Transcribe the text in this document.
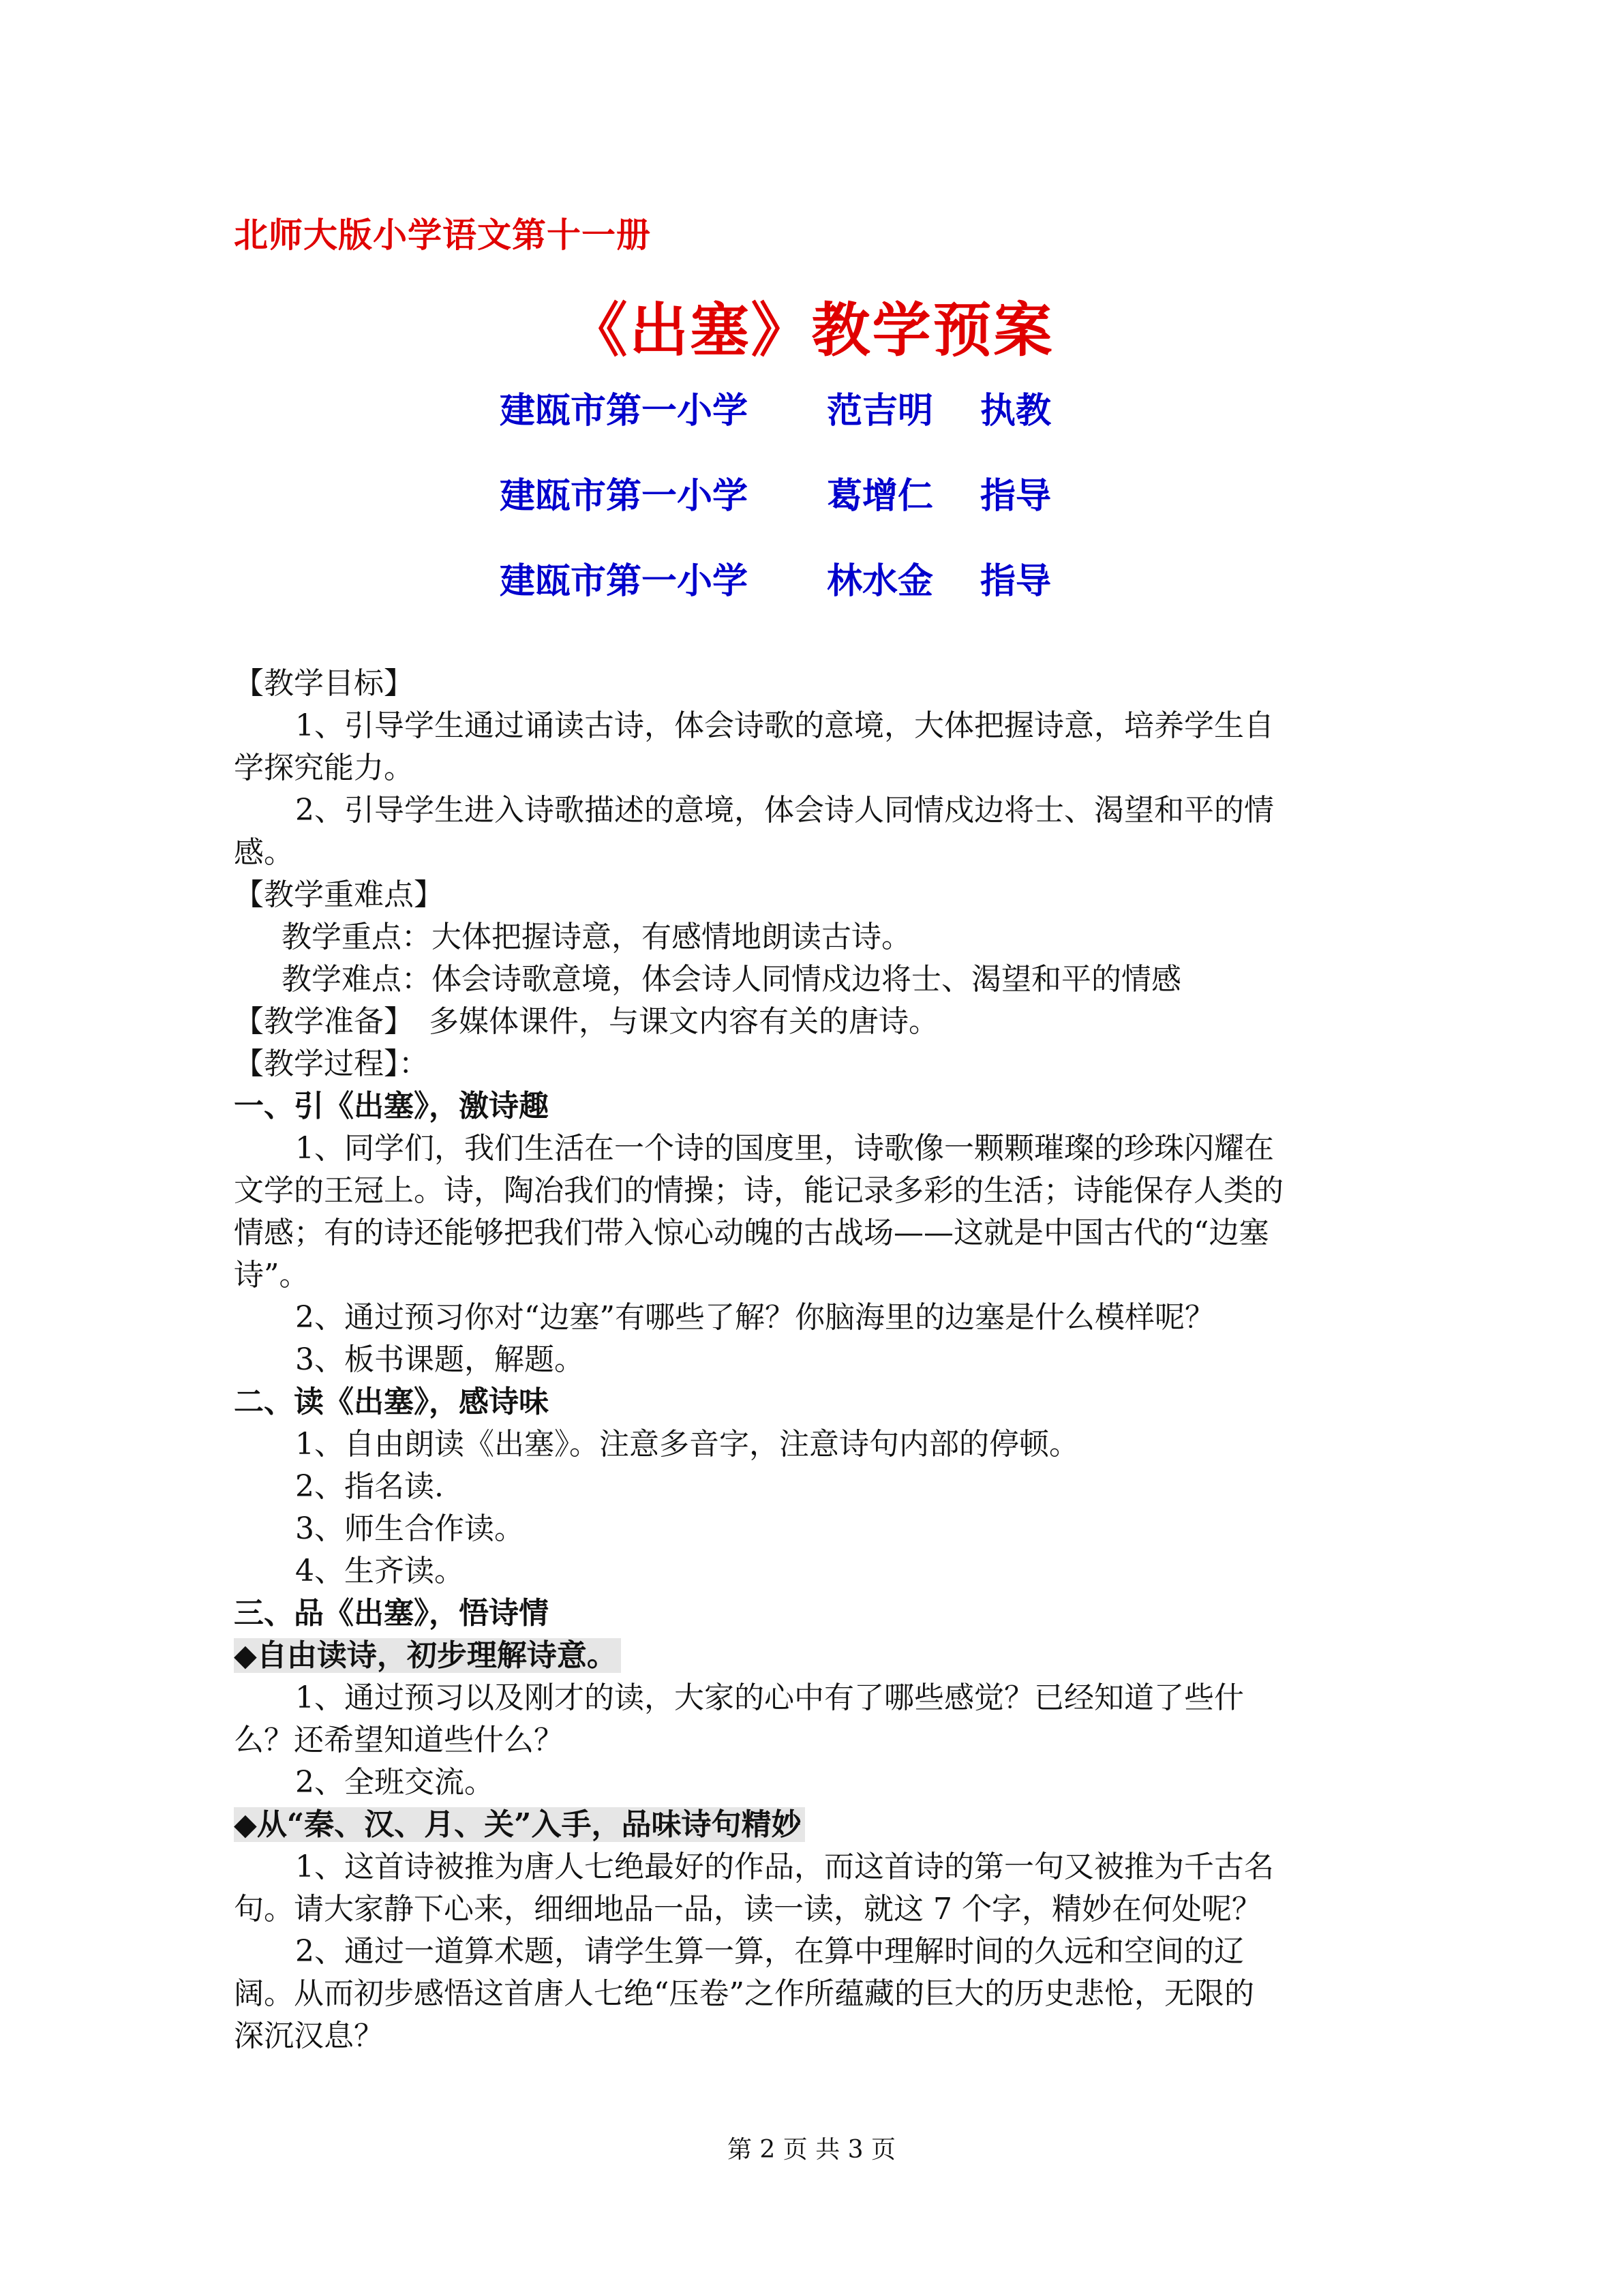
北师大版小学语文第十一册
《出塞》教学预案
建瓯市第一小学 范吉明 执教
建瓯市第一小学 葛增仁 指导
建瓯市第一小学 林水金 指导
【教学目标】
1、引导学生通过诵读古诗，体会诗歌的意境，大体把握诗意，培养学生自
学探究能力。
2、引导学生进入诗歌描述的意境，体会诗人同情戍边将士、渴望和平的情
感。
【教学重难点】
教学重点：大体把握诗意，有感情地朗读古诗。
教学难点：体会诗歌意境，体会诗人同情戍边将士、渴望和平的情感
【教学准备】　多媒体课件，与课文内容有关的唐诗。
【教学过程】：
一、引《出塞》，激诗趣
1、同学们，我们生活在一个诗的国度里，诗歌像一颗颗璀璨的珍珠闪耀在
文学的王冠上。诗，陶冶我们的情操；诗，能记录多彩的生活；诗能保存人类的
情感；有的诗还能够把我们带入惊心动魄的古战场——这就是中国古代的“边塞
诗”。
2、通过预习你对“边塞”有哪些了解？你脑海里的边塞是什么模样呢？
3、板书课题，解题。
二、读《出塞》，感诗味
1、自由朗读《出塞》。注意多音字，注意诗句内部的停顿。
2、指名读.
3、师生合作读。
4、生齐读。
三、品《出塞》，悟诗情
◆自由读诗，初步理解诗意。
1、通过预习以及刚才的读，大家的心中有了哪些感觉？已经知道了些什
么？还希望知道些什么？
2、全班交流。
◆从“秦、汉、月、关”入手，品味诗句精妙
1、这首诗被推为唐人七绝最好的作品，而这首诗的第一句又被推为千古名
句。请大家静下心来，细细地品一品，读一读，就这 7 个字，精妙在何处呢？
2、通过一道算术题，请学生算一算，在算中理解时间的久远和空间的辽
阔。从而初步感悟这首唐人七绝“压卷”之作所蕴藏的巨大的历史悲怆，无限的
深沉汉息？
第 2 页 共 3 页
